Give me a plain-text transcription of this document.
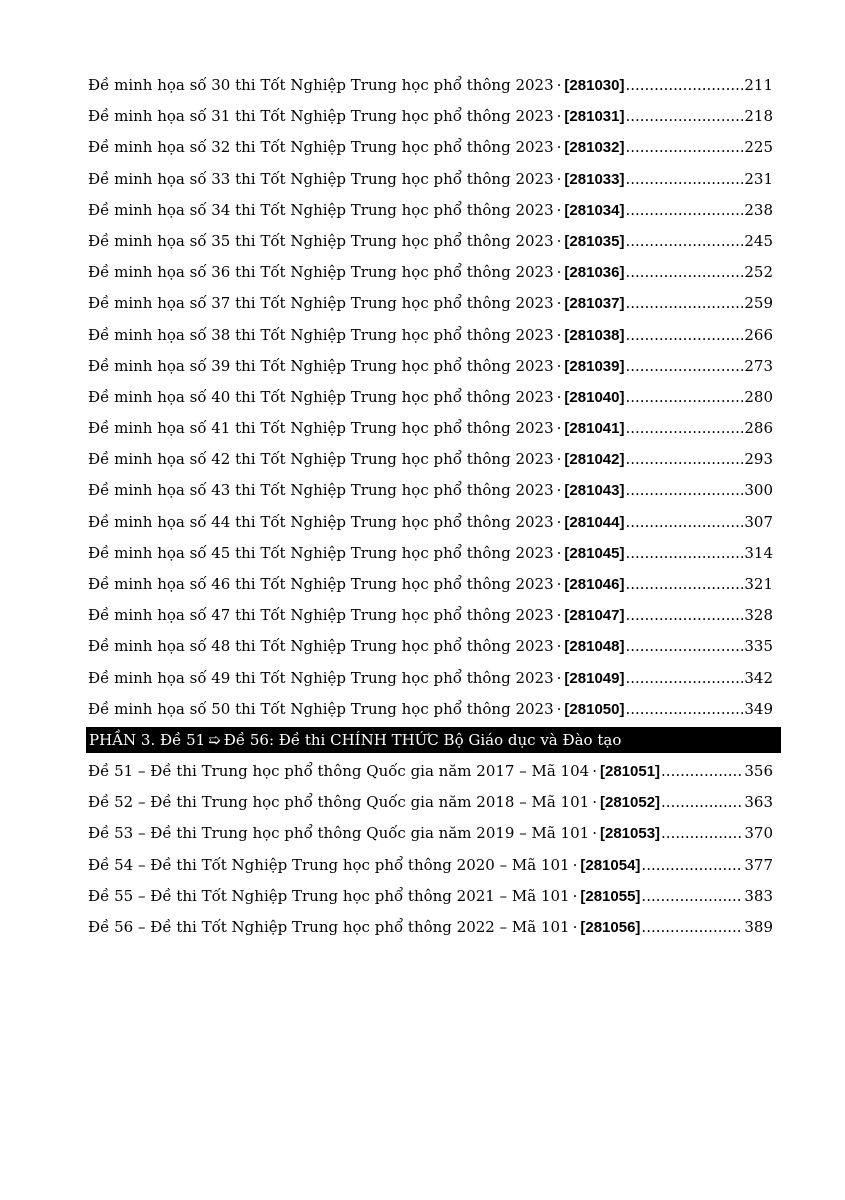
Đề minh họa số 30 thi Tốt Nghiệp Trung học phổ thông 2023 · [281030] .....	211
Đề minh họa số 31 thi Tốt Nghiệp Trung học phổ thông 2023 · [281031] .....	218
Đề minh họa số 32 thi Tốt Nghiệp Trung học phổ thông 2023 · [281032] .....	225
Đề minh họa số 33 thi Tốt Nghiệp Trung học phổ thông 2023 · [281033] .....	231
Đề minh họa số 34 thi Tốt Nghiệp Trung học phổ thông 2023 · [281034] .....	238
Đề minh họa số 35 thi Tốt Nghiệp Trung học phổ thông 2023 · [281035] .....	245
Đề minh họa số 36 thi Tốt Nghiệp Trung học phổ thông 2023 · [281036] .....	252
Đề minh họa số 37 thi Tốt Nghiệp Trung học phổ thông 2023 · [281037] .....	259
Đề minh họa số 38 thi Tốt Nghiệp Trung học phổ thông 2023 · [281038] .....	266
Đề minh họa số 39 thi Tốt Nghiệp Trung học phổ thông 2023 · [281039] .....	273
Đề minh họa số 40 thi Tốt Nghiệp Trung học phổ thông 2023 · [281040] .....	280
Đề minh họa số 41 thi Tốt Nghiệp Trung học phổ thông 2023 · [281041] .....	286
Đề minh họa số 42 thi Tốt Nghiệp Trung học phổ thông 2023 · [281042] .....	293
Đề minh họa số 43 thi Tốt Nghiệp Trung học phổ thông 2023 · [281043] .....	300
Đề minh họa số 44 thi Tốt Nghiệp Trung học phổ thông 2023 · [281044] .....	307
Đề minh họa số 45 thi Tốt Nghiệp Trung học phổ thông 2023 · [281045] .....	314
Đề minh họa số 46 thi Tốt Nghiệp Trung học phổ thông 2023 · [281046] .....	321
Đề minh họa số 47 thi Tốt Nghiệp Trung học phổ thông 2023 · [281047] .....	328
Đề minh họa số 48 thi Tốt Nghiệp Trung học phổ thông 2023 · [281048] .....	335
Đề minh họa số 49 thi Tốt Nghiệp Trung học phổ thông 2023 · [281049] .....	342
Đề minh họa số 50 thi Tốt Nghiệp Trung học phổ thông 2023 · [281050] .....	349
PHẦN 3. Đề 51 ➯ Đề 56: Đề thi CHÍNH THỨC Bộ Giáo dục và Đào tạo
Đề 51 – Đề thi Trung học phổ thông Quốc gia năm 2017 – Mã 104 · [281051] .....	356
Đề 52 – Đề thi Trung học phổ thông Quốc gia năm 2018 – Mã 101 · [281052] .....	363
Đề 53 – Đề thi Trung học phổ thông Quốc gia năm 2019 – Mã 101 · [281053] .....	370
Đề 54 – Đề thi Tốt Nghiệp Trung học phổ thông 2020 – Mã 101 · [281054] .....	377
Đề 55 – Đề thi Tốt Nghiệp Trung học phổ thông 2021 – Mã 101 · [281055] .....	383
Đề 56 – Đề thi Tốt Nghiệp Trung học phổ thông 2022 – Mã 101 · [281056] .....	389
